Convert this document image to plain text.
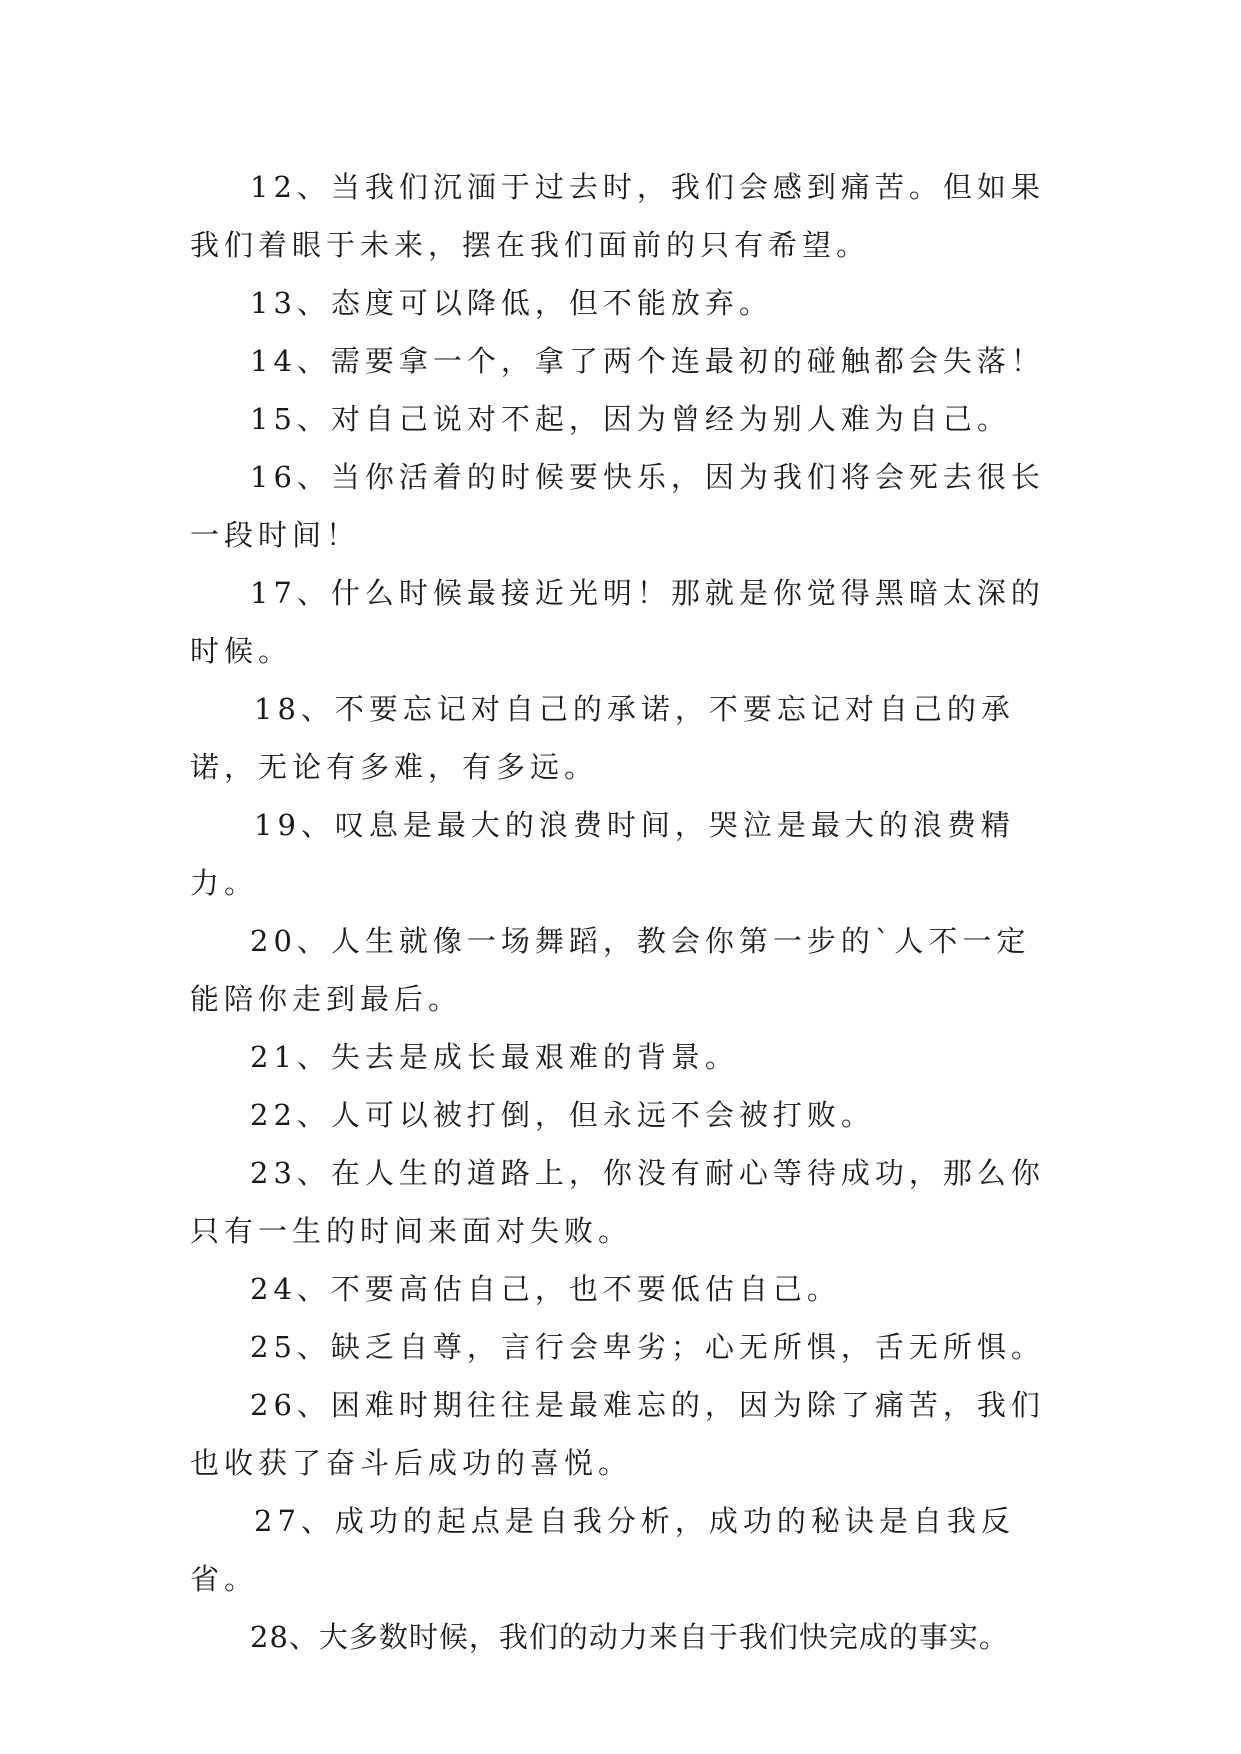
12、当我们沉湎于过去时，我们会感到痛苦。但如果我们着眼于未来，摆在我们面前的只有希望。

13、态度可以降低，但不能放弃。

14、需要拿一个，拿了两个连最初的碰触都会失落！

15、对自己说对不起，因为曾经为别人难为自己。

16、当你活着的时候要快乐，因为我们将会死去很长一段时间！

17、什么时候最接近光明！那就是你觉得黑暗太深的时候。

18、不要忘记对自己的承诺，不要忘记对自己的承诺，无论有多难，有多远。

19、叹息是最大的浪费时间，哭泣是最大的浪费精力。

20、人生就像一场舞蹈，教会你第一步的`人不一定能陪你走到最后。

21、失去是成长最艰难的背景。

22、人可以被打倒，但永远不会被打败。

23、在人生的道路上，你没有耐心等待成功，那么你只有一生的时间来面对失败。

24、不要高估自己，也不要低估自己。

25、缺乏自尊，言行会卑劣；心无所惧，舌无所惧。

26、困难时期往往是最难忘的，因为除了痛苦，我们也收获了奋斗后成功的喜悦。

27、成功的起点是自我分析，成功的秘诀是自我反省。

28、大多数时候，我们的动力来自于我们快完成的事实。
